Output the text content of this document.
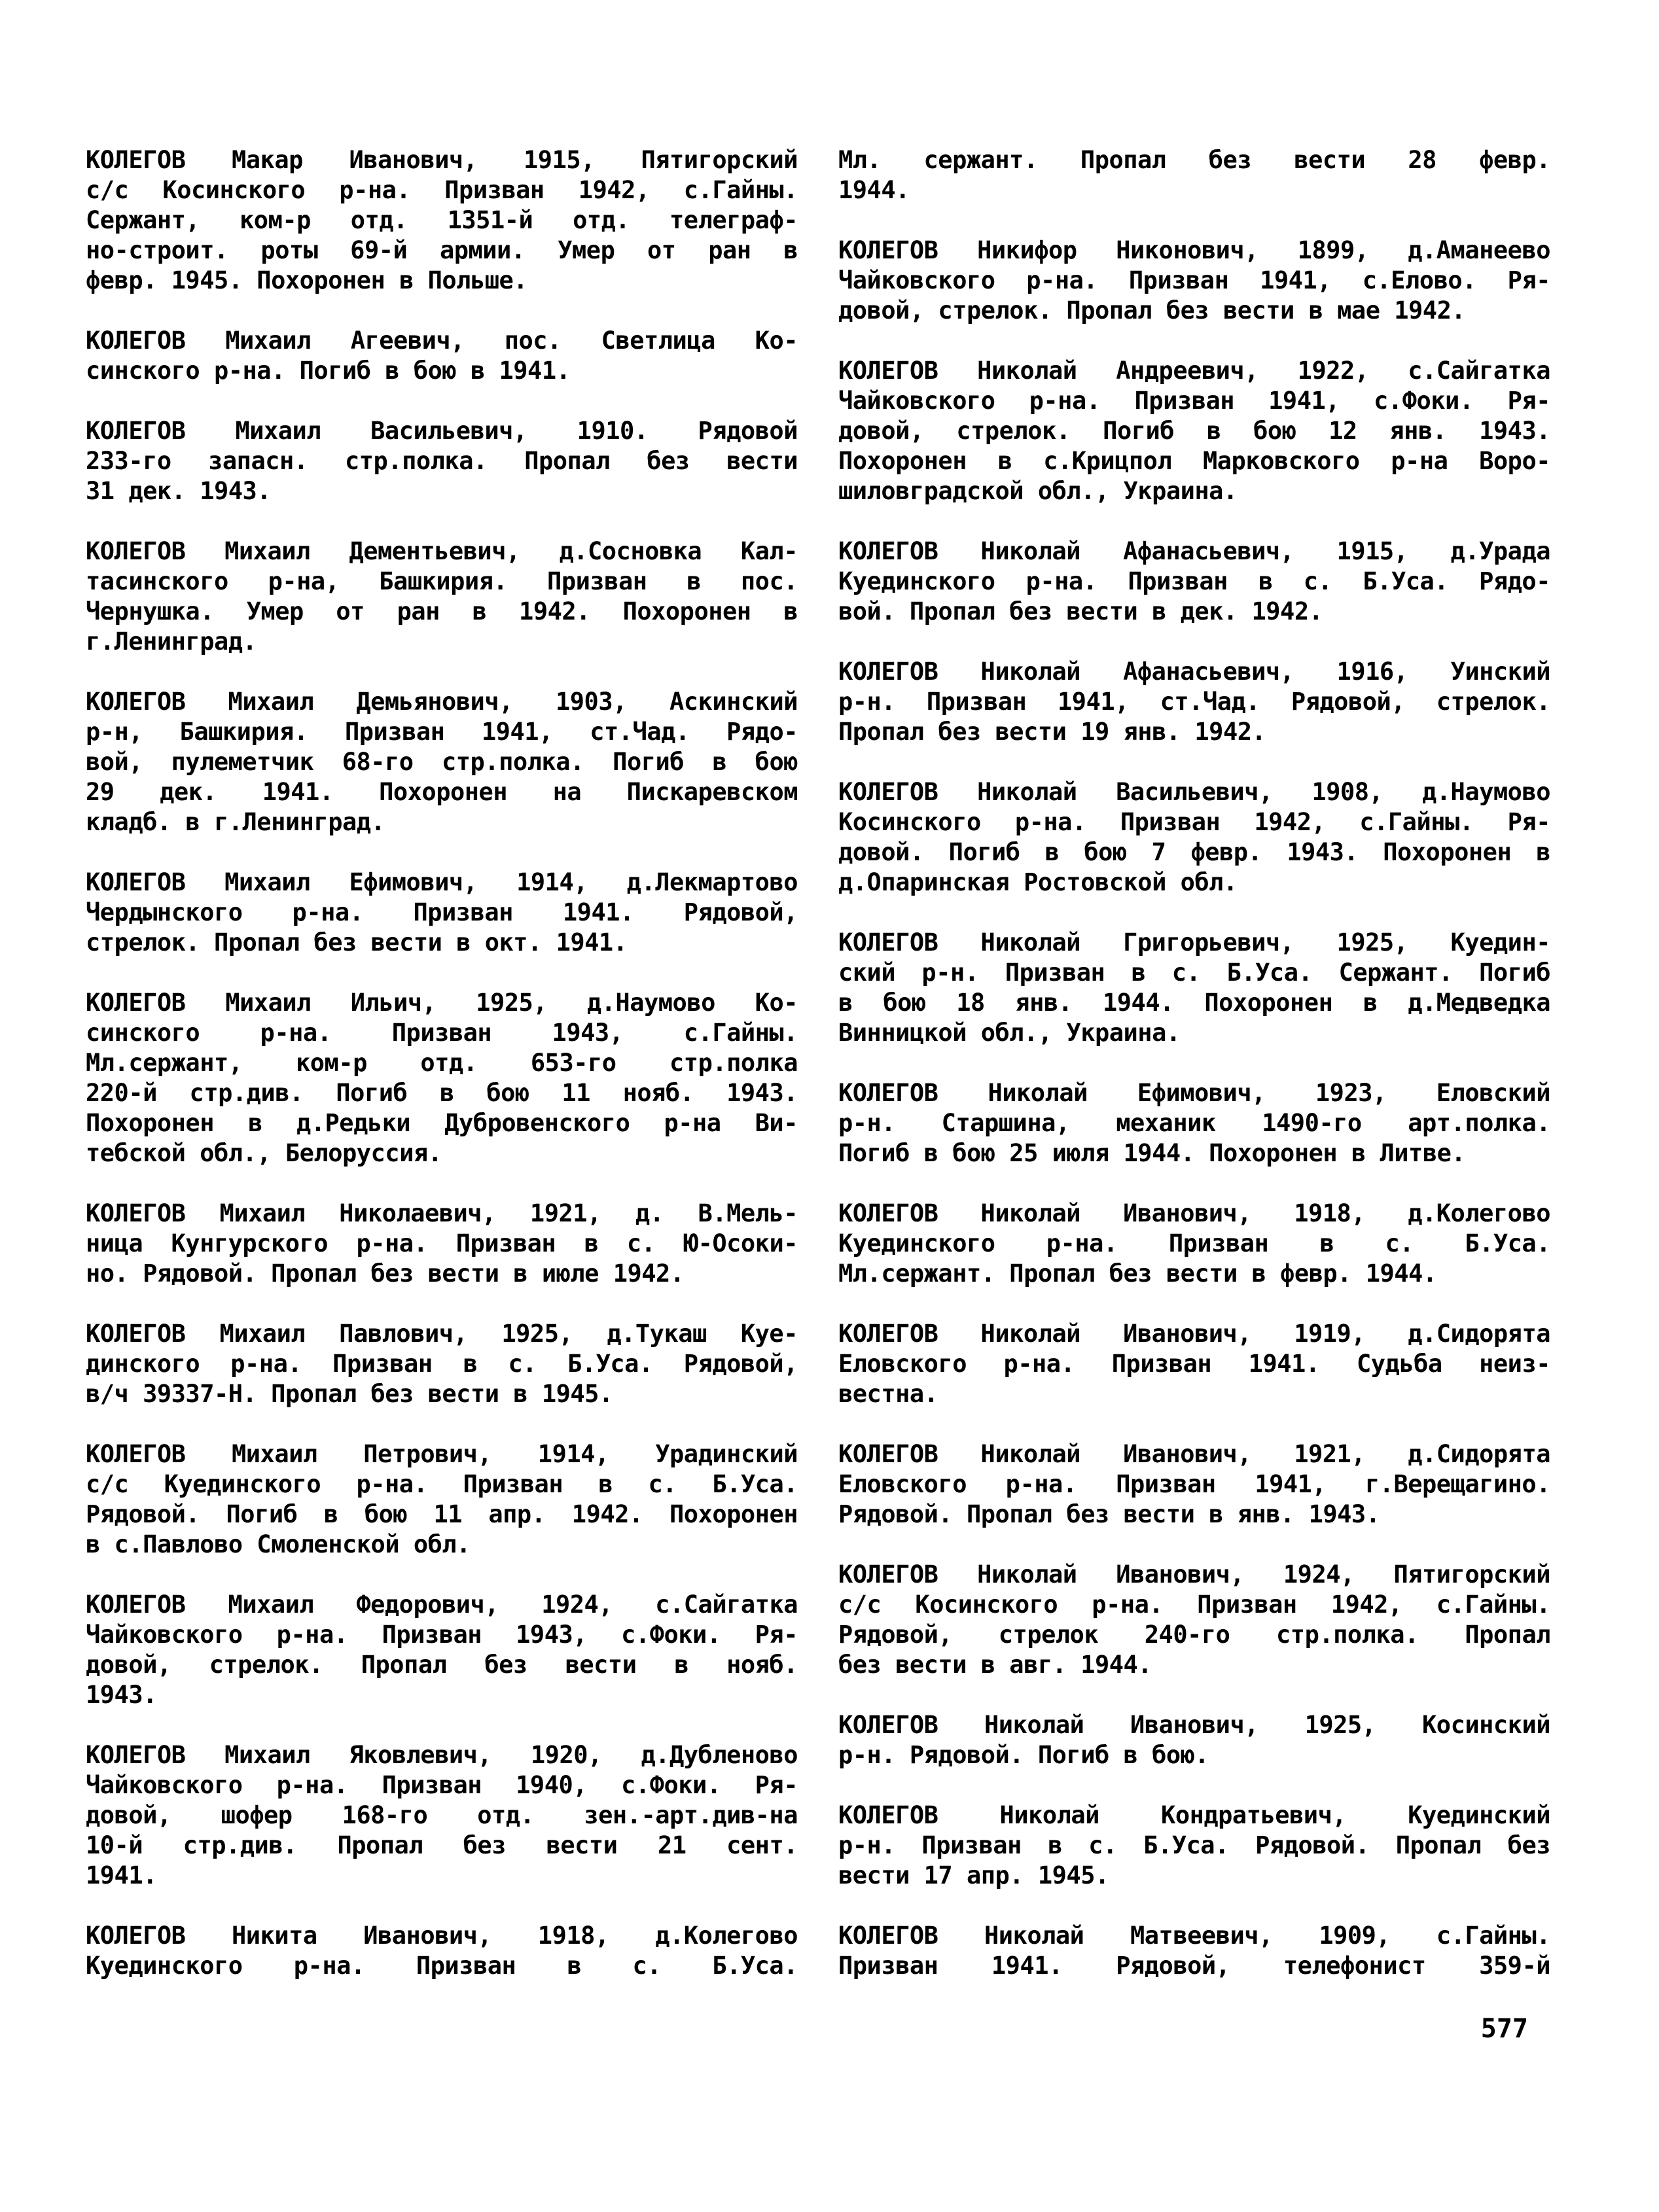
КОЛЕГОВ Макар Иванович, 1915, Пятигорский
с/с Косинского р-на. Призван 1942, с.Гайны.
Сержант, ком-р отд. 1351-й отд. телеграф-
но-строит. роты 69-й армии. Умер от ран в
февр. 1945. Похоронен в Польше.
КОЛЕГОВ Михаил Агеевич, пос. Светлица Ко-
синского р-на. Погиб в бою в 1941.
КОЛЕГОВ Михаил Васильевич, 1910. Рядовой
233-го запасн. стр.полка. Пропал без вести
31 дек. 1943.
КОЛЕГОВ Михаил Дементьевич, д.Сосновка Кал-
тасинского р-на, Башкирия. Призван в пос.
Чернушка. Умер от ран в 1942. Похоронен в
г.Ленинград.
КОЛЕГОВ Михаил Демьянович, 1903, Аскинский
р-н, Башкирия. Призван 1941, ст.Чад. Рядо-
вой, пулеметчик 68-го стр.полка. Погиб в бою
29 дек. 1941. Похоронен на Пискаревском
кладб. в г.Ленинград.
КОЛЕГОВ Михаил Ефимович, 1914, д.Лекмартово
Чердынского р-на. Призван 1941. Рядовой,
стрелок. Пропал без вести в окт. 1941.
КОЛЕГОВ Михаил Ильич, 1925, д.Наумово Ко-
синского р-на. Призван 1943, с.Гайны.
Мл.сержант, ком-р отд. 653-го стр.полка
220-й стр.див. Погиб в бою 11 нояб. 1943.
Похоронен в д.Редьки Дубровенского р-на Ви-
тебской обл., Белоруссия.
КОЛЕГОВ Михаил Николаевич, 1921, д. В.Мель-
ница Кунгурского р-на. Призван в с. Ю-Осоки-
но. Рядовой. Пропал без вести в июле 1942.
КОЛЕГОВ Михаил Павлович, 1925, д.Тукаш Куе-
динского р-на. Призван в с. Б.Уса. Рядовой,
в/ч 39337-Н. Пропал без вести в 1945.
КОЛЕГОВ Михаил Петрович, 1914, Урадинский
с/с Куединского р-на. Призван в с. Б.Уса.
Рядовой. Погиб в бою 11 апр. 1942. Похоронен
в с.Павлово Смоленской обл.
КОЛЕГОВ Михаил Федорович, 1924, с.Сайгатка
Чайковского р-на. Призван 1943, с.Фоки. Ря-
довой, стрелок. Пропал без вести в нояб.
1943.
КОЛЕГОВ Михаил Яковлевич, 1920, д.Дубленово
Чайковского р-на. Призван 1940, с.Фоки. Ря-
довой, шофер 168-го отд. зен.-арт.див-на
10-й стр.див. Пропал без вести 21 сент.
1941.
КОЛЕГОВ Никита Иванович, 1918, д.Колегово
Куединского р-на. Призван в с. Б.Уса.
Мл. сержант. Пропал без вести 28 февр.
1944.
КОЛЕГОВ Никифор Никонович, 1899, д.Аманеево
Чайковского р-на. Призван 1941, с.Елово. Ря-
довой, стрелок. Пропал без вести в мае 1942.
КОЛЕГОВ Николай Андреевич, 1922, с.Сайгатка
Чайковского р-на. Призван 1941, с.Фоки. Ря-
довой, стрелок. Погиб в бою 12 янв. 1943.
Похоронен в с.Крицпол Марковского р-на Воро-
шиловградской обл., Украина.
КОЛЕГОВ Николай Афанасьевич, 1915, д.Урада
Куединского р-на. Призван в с. Б.Уса. Рядо-
вой. Пропал без вести в дек. 1942.
КОЛЕГОВ Николай Афанасьевич, 1916, Уинский
р-н. Призван 1941, ст.Чад. Рядовой, стрелок.
Пропал без вести 19 янв. 1942.
КОЛЕГОВ Николай Васильевич, 1908, д.Наумово
Косинского р-на. Призван 1942, с.Гайны. Ря-
довой. Погиб в бою 7 февр. 1943. Похоронен в
д.Опаринская Ростовской обл.
КОЛЕГОВ Николай Григорьевич, 1925, Куедин-
ский р-н. Призван в с. Б.Уса. Сержант. Погиб
в бою 18 янв. 1944. Похоронен в д.Медведка
Винницкой обл., Украина.
КОЛЕГОВ Николай Ефимович, 1923, Еловский
р-н. Старшина, механик 1490-го арт.полка.
Погиб в бою 25 июля 1944. Похоронен в Литве.
КОЛЕГОВ Николай Иванович, 1918, д.Колегово
Куединского р-на. Призван в с. Б.Уса.
Мл.сержант. Пропал без вести в февр. 1944.
КОЛЕГОВ Николай Иванович, 1919, д.Сидорята
Еловского р-на. Призван 1941. Судьба неиз-
вестна.
КОЛЕГОВ Николай Иванович, 1921, д.Сидорята
Еловского р-на. Призван 1941, г.Верещагино.
Рядовой. Пропал без вести в янв. 1943.
КОЛЕГОВ Николай Иванович, 1924, Пятигорский
с/с Косинского р-на. Призван 1942, с.Гайны.
Рядовой, стрелок 240-го стр.полка. Пропал
без вести в авг. 1944.
КОЛЕГОВ Николай Иванович, 1925, Косинский
р-н. Рядовой. Погиб в бою.
КОЛЕГОВ Николай Кондратьевич, Куединский
р-н. Призван в с. Б.Уса. Рядовой. Пропал без
вести 17 апр. 1945.
КОЛЕГОВ Николай Матвеевич, 1909, с.Гайны.
Призван 1941. Рядовой, телефонист 359-й
577
